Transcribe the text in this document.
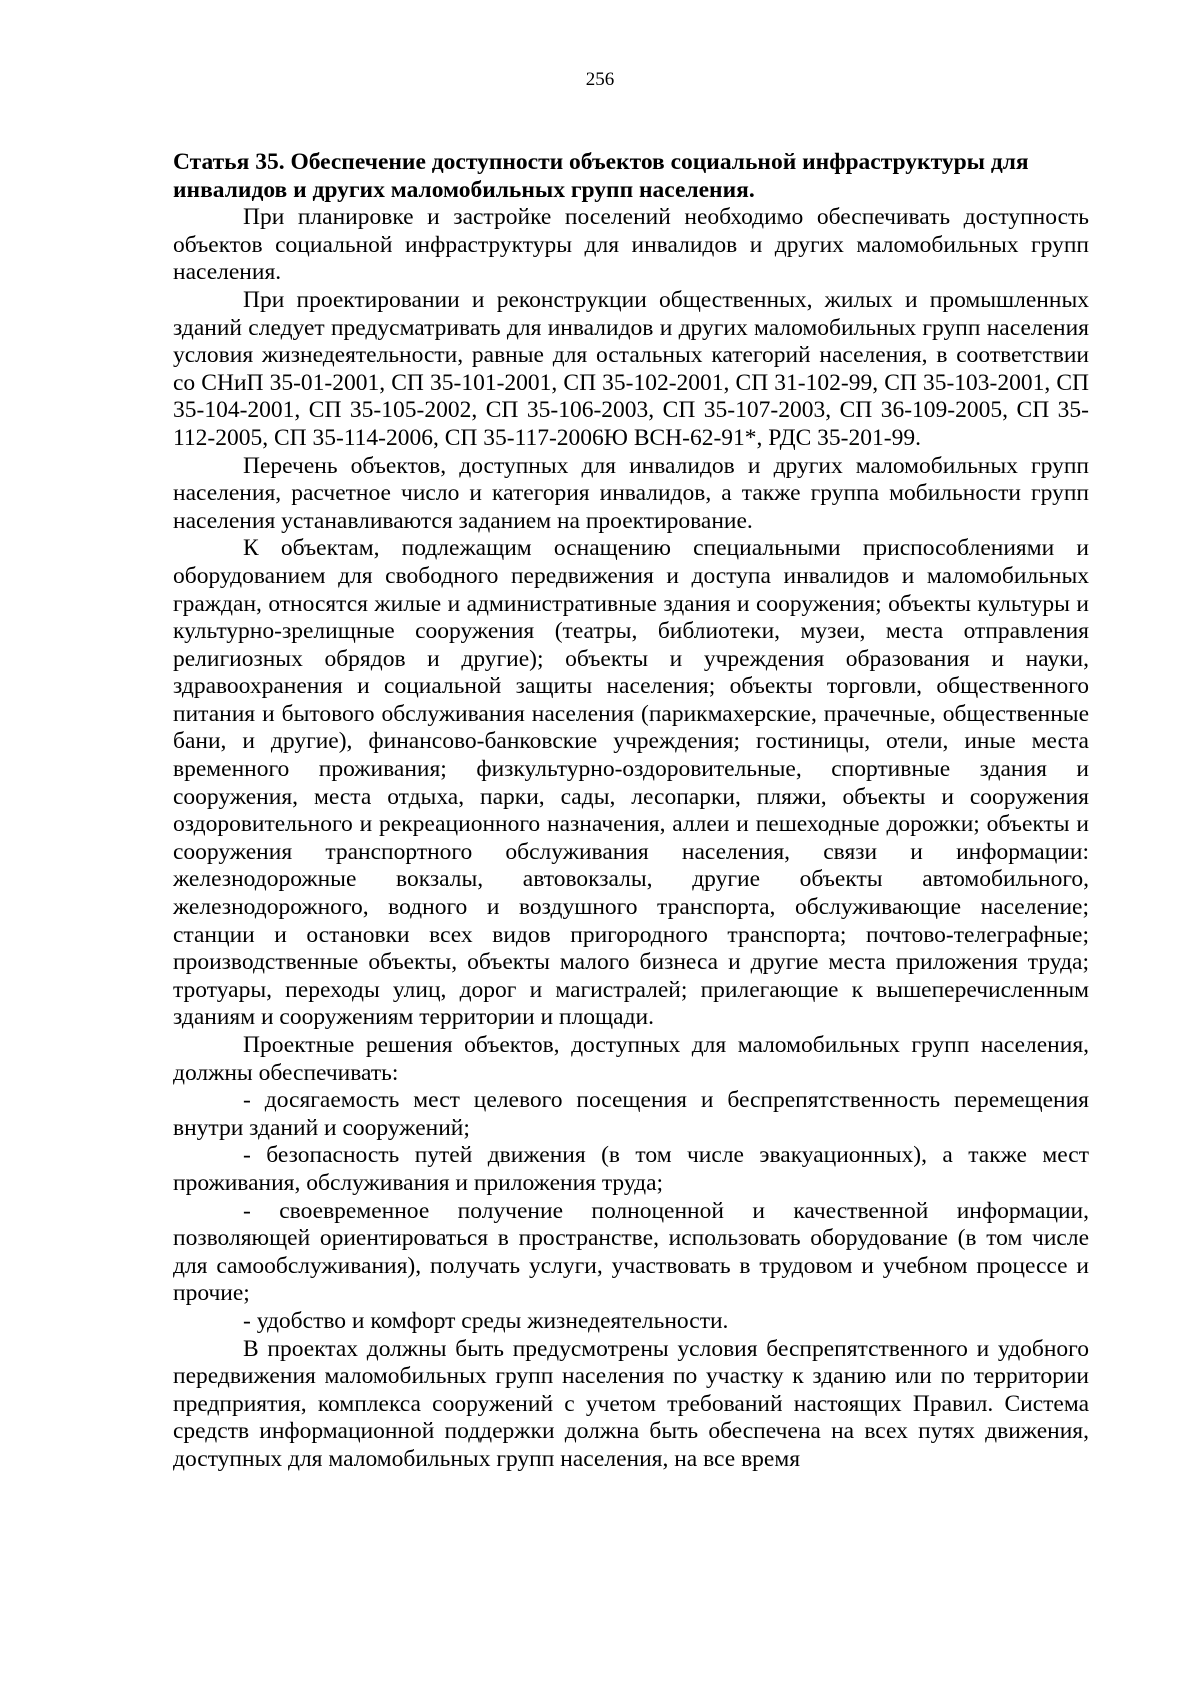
256

Статья 35. Обеспечение доступности объектов социальной инфраструктуры для инвалидов и других маломобильных групп населения.

При планировке и застройке поселений необходимо обеспечивать доступность объектов социальной инфраструктуры для инвалидов и других маломобильных групп населения.

При проектировании и реконструкции общественных, жилых и промышленных зданий следует предусматривать для инвалидов и других маломобильных групп населения условия жизнедеятельности, равные для остальных категорий населения, в соответствии со СНиП 35-01-2001, СП 35-101-2001, СП 35-102-2001, СП 31-102-99, СП 35-103-2001, СП 35-104-2001, СП 35-105-2002, СП 35-106-2003, СП 35-107-2003, СП 36-109-2005, СП 35-112-2005, СП 35-114-2006, СП 35-117-2006Ю ВСН-62-91*, РДС 35-201-99.

Перечень объектов, доступных для инвалидов и других маломобильных групп населения, расчетное число и категория инвалидов, а также группа мобильности групп населения устанавливаются заданием на проектирование.

К объектам, подлежащим оснащению специальными приспособлениями и оборудованием для свободного передвижения и доступа инвалидов и маломобильных граждан, относятся жилые и административные здания и сооружения; объекты культуры и культурно-зрелищные сооружения (театры, библиотеки, музеи, места отправления религиозных обрядов и другие); объекты и учреждения образования и науки, здравоохранения и социальной защиты населения; объекты торговли, общественного питания и бытового обслуживания населения (парикмахерские, прачечные, общественные бани, и другие), финансово-банковские учреждения; гостиницы, отели, иные места временного проживания; физкультурно-оздоровительные, спортивные здания и сооружения, места отдыха, парки, сады, лесопарки, пляжи, объекты и сооружения оздоровительного и рекреационного назначения, аллеи и пешеходные дорожки; объекты и сооружения транспортного обслуживания населения, связи и информации: железнодорожные вокзалы, автовокзалы, другие объекты автомобильного, железнодорожного, водного и воздушного транспорта, обслуживающие население; станции и остановки всех видов пригородного транспорта; почтово-телеграфные; производственные объекты, объекты малого бизнеса и другие места приложения труда; тротуары, переходы улиц, дорог и магистралей; прилегающие к вышеперечисленным зданиям и сооружениям территории и площади.

Проектные решения объектов, доступных для маломобильных групп населения, должны обеспечивать:

- досягаемость мест целевого посещения и беспрепятственность перемещения внутри зданий и сооружений;

- безопасность путей движения (в том числе эвакуационных), а также мест проживания, обслуживания и приложения труда;

- своевременное получение полноценной и качественной информации, позволяющей ориентироваться в пространстве, использовать оборудование (в том числе для самообслуживания), получать услуги, участвовать в трудовом и учебном процессе и прочие;

- удобство и комфорт среды жизнедеятельности.

В проектах должны быть предусмотрены условия беспрепятственного и удобного передвижения маломобильных групп населения по участку к зданию или по территории предприятия, комплекса сооружений с учетом требований настоящих Правил. Система средств информационной поддержки должна быть обеспечена на всех путях движения, доступных для маломобильных групп населения, на все время
